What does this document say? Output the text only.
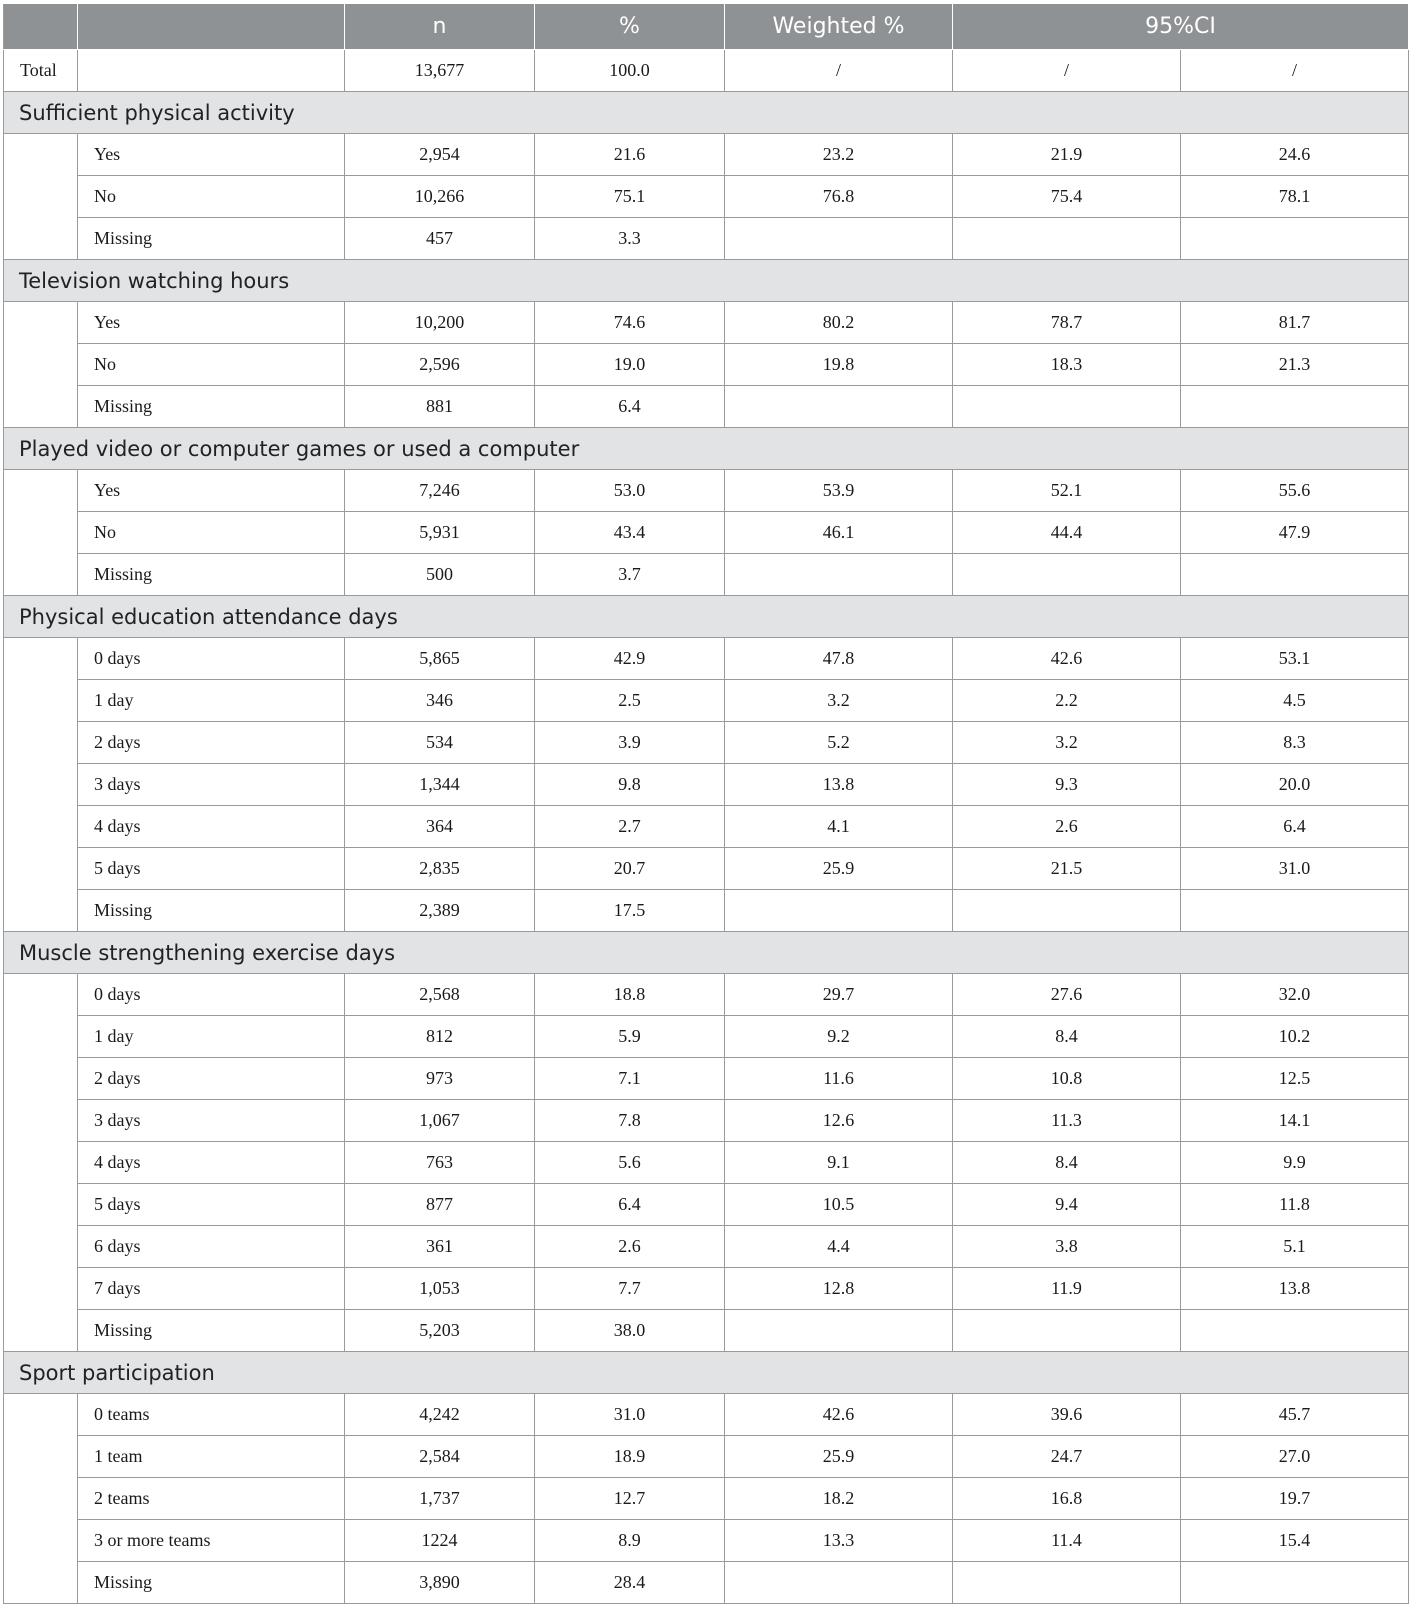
		n	%	Weighted %	95%CI	
Total		13,677	100.0	/	/	/
Sufficient physical activity						
	Yes	2,954	21.6	23.2	21.9	24.6
	No	10,266	75.1	76.8	75.4	78.1
	Missing	457	3.3			
Television watching hours						
	Yes	10,200	74.6	80.2	78.7	81.7
	No	2,596	19.0	19.8	18.3	21.3
	Missing	881	6.4			
Played video or computer games or used a computer						
	Yes	7,246	53.0	53.9	52.1	55.6
	No	5,931	43.4	46.1	44.4	47.9
	Missing	500	3.7			
Physical education attendance days						
	0 days	5,865	42.9	47.8	42.6	53.1
	1 day	346	2.5	3.2	2.2	4.5
	2 days	534	3.9	5.2	3.2	8.3
	3 days	1,344	9.8	13.8	9.3	20.0
	4 days	364	2.7	4.1	2.6	6.4
	5 days	2,835	20.7	25.9	21.5	31.0
	Missing	2,389	17.5			
Muscle strengthening exercise days						
	0 days	2,568	18.8	29.7	27.6	32.0
	1 day	812	5.9	9.2	8.4	10.2
	2 days	973	7.1	11.6	10.8	12.5
	3 days	1,067	7.8	12.6	11.3	14.1
	4 days	763	5.6	9.1	8.4	9.9
	5 days	877	6.4	10.5	9.4	11.8
	6 days	361	2.6	4.4	3.8	5.1
	7 days	1,053	7.7	12.8	11.9	13.8
	Missing	5,203	38.0			
Sport participation						
	0 teams	4,242	31.0	42.6	39.6	45.7
	1 team	2,584	18.9	25.9	24.7	27.0
	2 teams	1,737	12.7	18.2	16.8	19.7
	3 or more teams	1224	8.9	13.3	11.4	15.4
	Missing	3,890	28.4			
